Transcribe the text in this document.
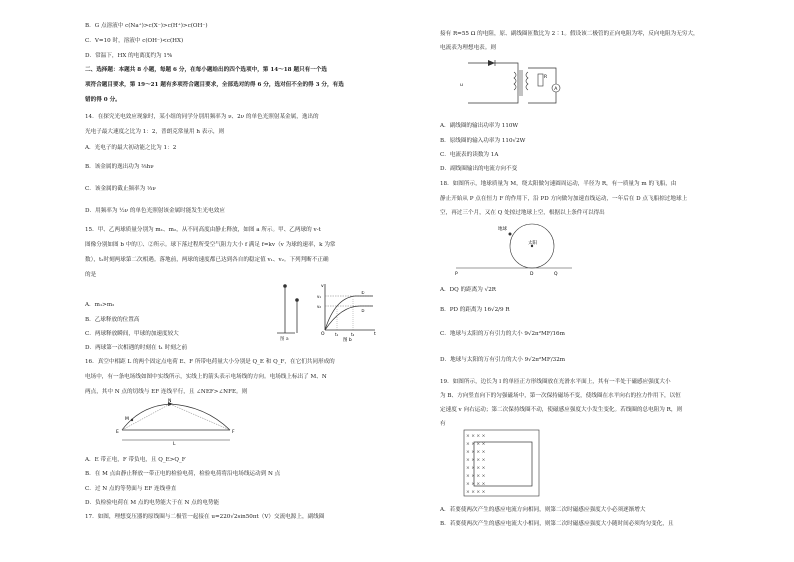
B．G 点溶液中 c(Na⁺)>c(X⁻)>c(H⁺)>c(OH⁻)
C．V=10 时，溶液中 c(OH⁻)<c(HX)
D．常温下，HX 的电离度约为 1%
二、选择题：本题共 8 小题，每题 6 分，在每小题给出的四个选项中，第 14～18 题只有一个选
项符合题目要求，第 19～21 题有多项符合题目要求，全部选对的得 6 分，选对但不全的得 3 分，有选
错的得 0 分。
14．在探究光电效应现象时，某小组的同学分别用频率为 ν、2ν 的单色光照射某金属，逸出的
光电子最大速度之比为 1：2，普朗克常量用 h 表示，则
A．光电子的最大初动能之比为 1：2
B．该金属的逸出功为 ⅔hν
C．该金属的截止频率为 ⅓ν
D．用频率为 ½ν 的单色光照射该金属时能发生光电效应
15．甲、乙两球质量分别为 m₁、m₂，从不同高度由静止释放，如图 a 所示。甲、乙两球的 v-t
图像分别如图 b 中的①、②所示。球下落过程所受空气阻力大小 f 满足 f=kv（v 为球的速率，k 为常
数），t₂时刻两球第二次相遇。落地前，两球的速度都已达到各自的稳定值 v₁、v₂。下列判断不正确
的是
图 a
v
t
O
v₁
v₂
①
②
t₁	t₂
图 b
A．m₁>m₂
B．乙球释放的位置高
C．两球释放瞬间，甲球的加速度较大
D．两球第一次相遇的时刻在 t₁ 时刻之前
16．真空中相距 L 的两个固定点电荷 E、F 所带电荷量大小分别是 Q_E 和 Q_F，在它们共同形成的
电场中，有一条电场线如图中实线所示，实线上的箭头表示电场线的方向。电场线上标出了 M、N
两点，其中 N 点的切线与 EF 连线平行，且 ∠NEF>∠NFE。则
N
M
E	F
L
A．E 带正电，F 带负电，且 Q_E>Q_F
B．在 M 点由静止释放一带正电的检验电荷，检验电荷将沿电场线运动到 N 点
C．过 N 点的等势面与 EF 连线垂直
D．负检验电荷在 M 点的电势能大于在 N 点的电势能
17．如图，理想变压器的原线圈与二极管一起接在 u=220√2sin50πt（V）交流电源上，副线圈
接有 R=55 Ω 的电阻，原、副线圈匝数比为 2∶1。假设该二极管的正向电阻为零，反向电阻为无穷大，
电流表为理想电表。则
u
R
A
A．副线圈的输出功率为 110W
B．原线圈的输入功率为 110√2W
C．电流表的读数为 1A
D．副线圈输出的电流方向不变
18．如图所示，地球质量为 M，绕太阳做匀速圆周运动，半径为 R，有一质量为 m 的飞船，由
静止开始从 P 点在恒力 F 的作用下，沿 PD 方向做匀加速直线运动，一年后在 D 点飞船掠过地球上
空，再过三个月，又在 Q 处掠过地球上空，根据以上条件可以得出
地球
太阳
P	D	Q
A．DQ 的距离为 √2R
B．PD 的距离为 16√2/9 R
C．地球与太阳的万有引力的大小 9√2π²MF/16m
D．地球与太阳的万有引力的大小 9√2π²MF/32m
19．如图所示，边长为 l 的单匝正方形线圈放在光滑水平面上，其有一半处于磁感应强度大小
为 B、方向竖直向下的匀强磁场中，第一次保持磁场不变，使线圈在水平向右的拉力作用下，以恒
定速度 v 向右运动；第二次保持线圈不动，使磁感应强度大小发生变化。若线圈的总电阻为 R，则
有
× × × ×
× × × ×
× × × ×
× × × ×
× × × ×
× × × ×
× × × ×
× × × ×
A．若要使两次产生的感应电流方向相同，则第二次时磁感应强度大小必须逐渐增大
B．若要使两次产生的感应电流大小相同，则第二次时磁感应强度大小随时间必须均匀变化，且
